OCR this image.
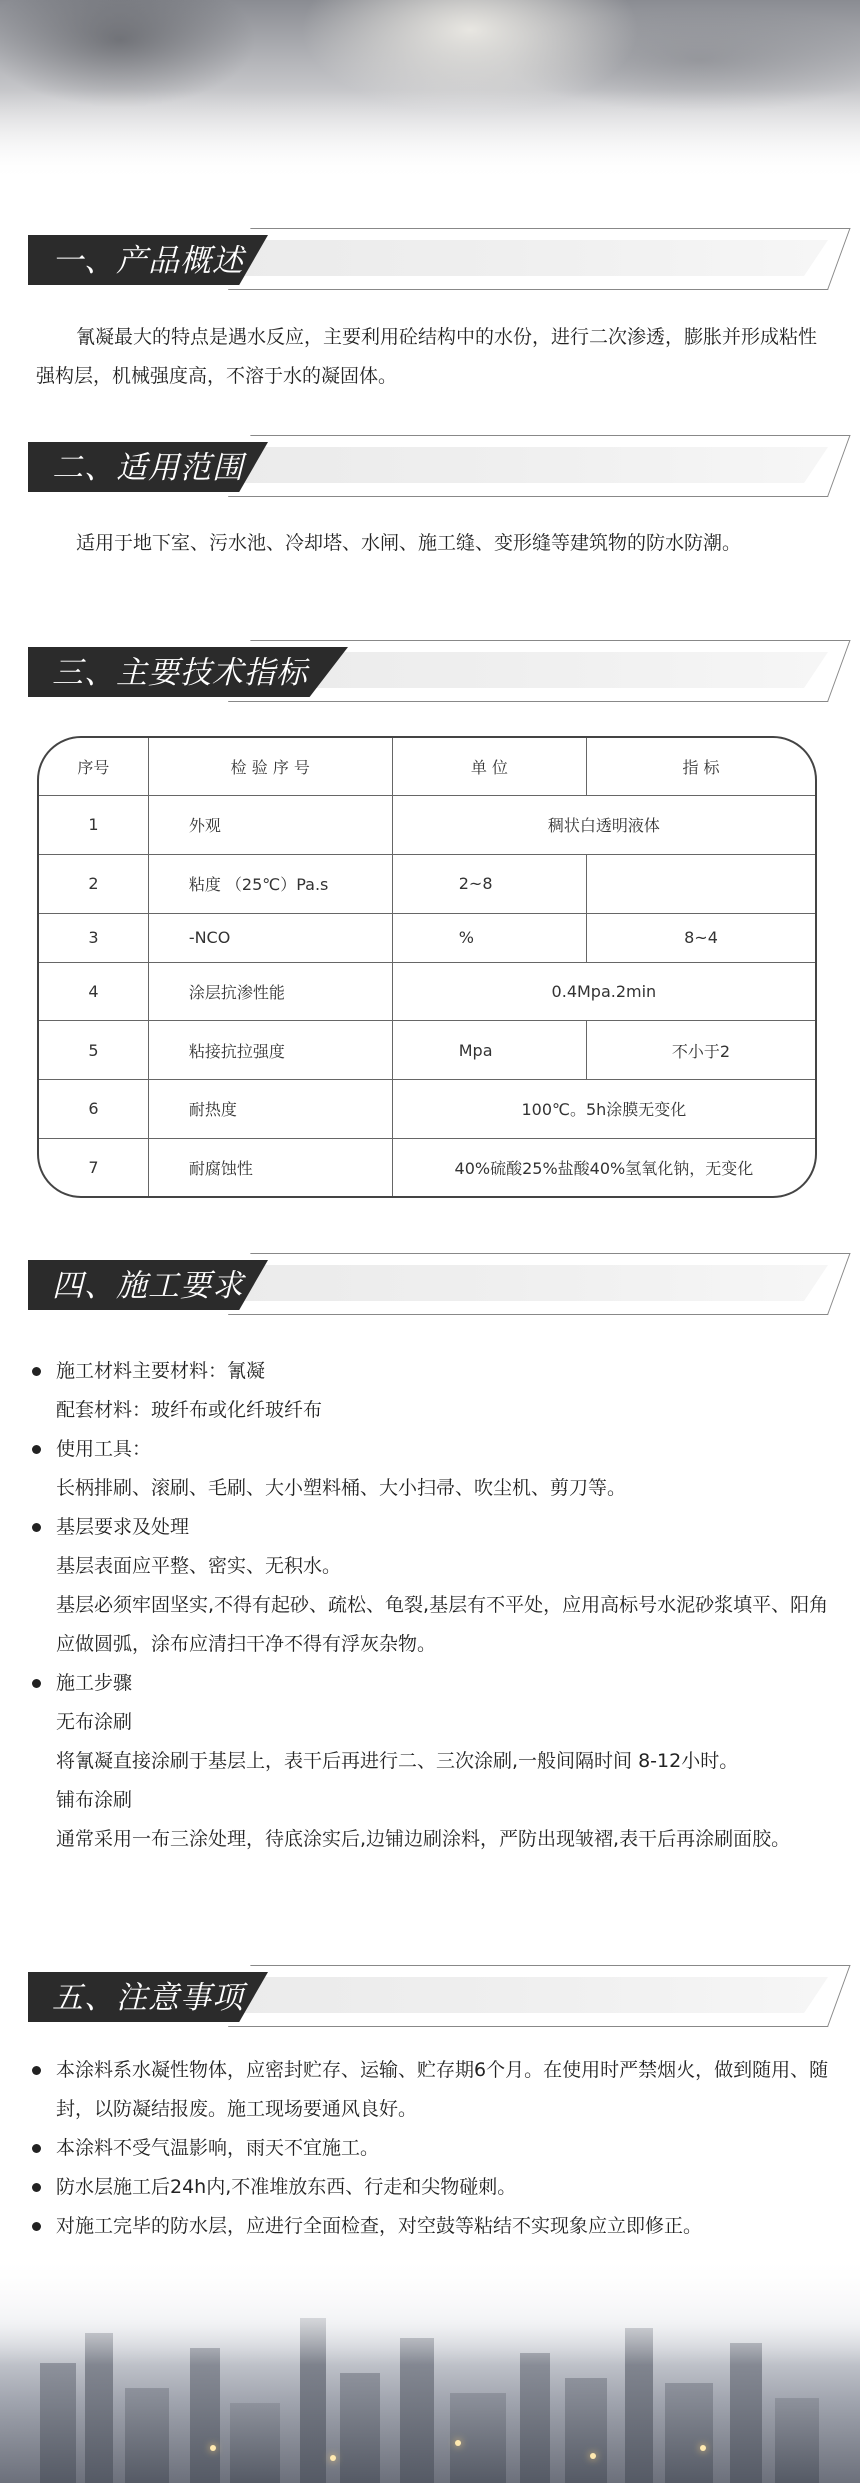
一、产品概述
氰凝最大的特点是遇水反应，主要利用砼结构中的水份，进行二次渗透，膨胀并形成粘性强构层，机械强度高，不溶于水的凝固体。
二、适用范围
适用于地下室、污水池、冷却塔、水闸、施工缝、变形缝等建筑物的防水防潮。
三、主要技术指标
序号	检 验 序 号	单 位	指 标
1	外观	稠状白透明液体	
2	粘度 （25℃）Pa.s	2~8	
3	-NCO	%	8~4
4	涂层抗渗性能	0.4Mpa.2min	
5	粘接抗拉强度	Mpa	不小于2
6	耐热度	100℃。5h涂膜无变化	
7	耐腐蚀性	40%硫酸25%盐酸40%氢氧化钠，无变化	
四、施工要求
施工材料主要材料：氰凝
配套材料：玻纤布或化纤玻纤布
使用工具：
长柄排刷、滚刷、毛刷、大小塑料桶、大小扫帚、吹尘机、剪刀等。
基层要求及处理
基层表面应平整、密实、无积水。
基层必须牢固坚实,不得有起砂、疏松、龟裂,基层有不平处，应用高标号水泥砂浆填平、阳角应做圆弧，涂布应清扫干净不得有浮灰杂物。
施工步骤
无布涂刷
将氰凝直接涂刷于基层上，表干后再进行二、三次涂刷,一般间隔时间 8-12小时。
铺布涂刷
通常采用一布三涂处理，待底涂实后,边铺边刷涂料，严防出现皱褶,表干后再涂刷面胶。
五、注意事项
本涂料系水凝性物体，应密封贮存、运输、贮存期6个月。在使用时严禁烟火，做到随用、随封，以防凝结报废。施工现场要通风良好。
本涂料不受气温影响，雨天不宜施工。
防水层施工后24h内,不准堆放东西、行走和尖物碰刺。
对施工完毕的防水层，应进行全面检查，对空鼓等粘结不实现象应立即修正。
